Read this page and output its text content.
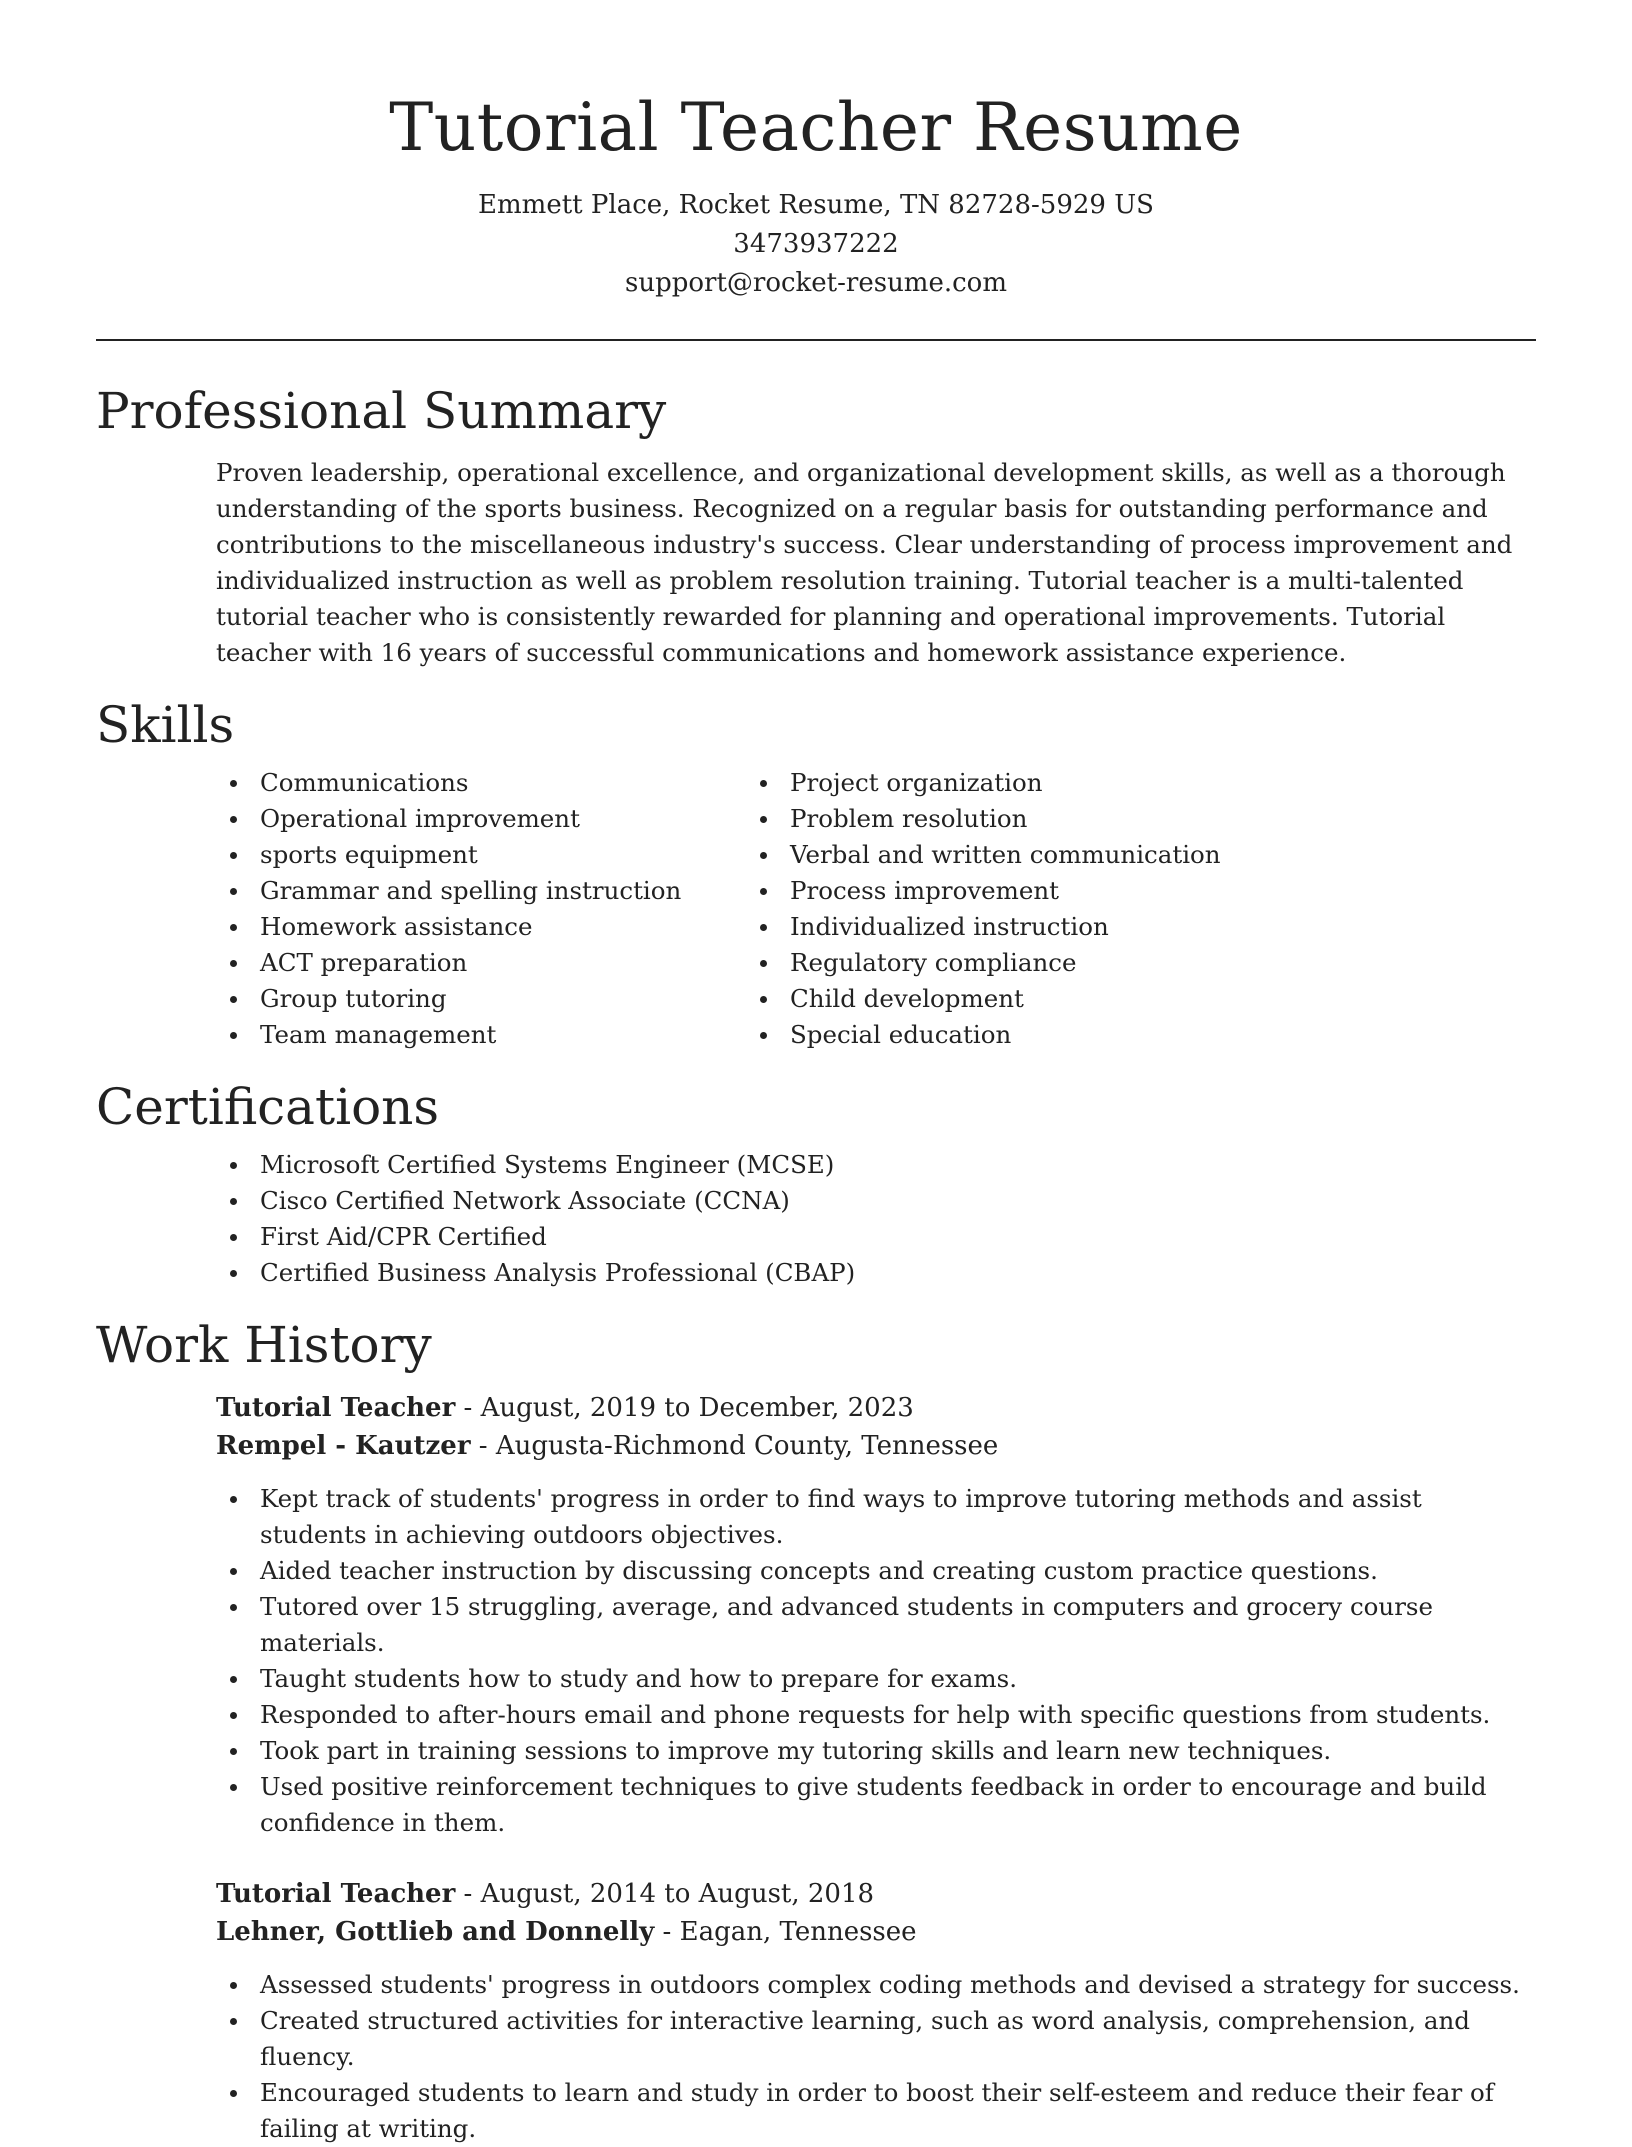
Tutorial Teacher Resume
Emmett Place, Rocket Resume, TN 82728-5929 US
3473937222
support@rocket-resume.com
Professional Summary

Proven leadership, operational excellence, and organizational development skills, as well as a thorough understanding of the sports business. Recognized on a regular basis for outstanding performance and contributions to the miscellaneous industry's success. Clear understanding of process improvement and individualized instruction as well as problem resolution training. Tutorial teacher is a multi-talented tutorial teacher who is consistently rewarded for planning and operational improvements. Tutorial teacher with 16 years of successful communications and homework assistance experience.

Skills
Communications
Operational improvement
sports equipment
Grammar and spelling instruction
Homework assistance
ACT preparation
Group tutoring
Team management
Project organization
Problem resolution
Verbal and written communication
Process improvement
Individualized instruction
Regulatory compliance
Child development
Special education
Certifications
Microsoft Certified Systems Engineer (MCSE)
Cisco Certified Network Associate (CCNA)
First Aid/CPR Certified
Certified Business Analysis Professional (CBAP)
Work History
Tutorial Teacher - August, 2019 to December, 2023
Rempel - Kautzer - Augusta-Richmond County, Tennessee
Kept track of students' progress in order to find ways to improve tutoring methods and assist students in achieving outdoors objectives.
Aided teacher instruction by discussing concepts and creating custom practice questions.
Tutored over 15 struggling, average, and advanced students in computers and grocery course materials.
Taught students how to study and how to prepare for exams.
Responded to after-hours email and phone requests for help with specific questions from students.
Took part in training sessions to improve my tutoring skills and learn new techniques.
Used positive reinforcement techniques to give students feedback in order to encourage and build confidence in them.
Tutorial Teacher - August, 2014 to August, 2018
Lehner, Gottlieb and Donnelly - Eagan, Tennessee
Assessed students' progress in outdoors complex coding methods and devised a strategy for success.
Created structured activities for interactive learning, such as word analysis, comprehension, and fluency.
Encouraged students to learn and study in order to boost their self-esteem and reduce their fear of failing at writing.
